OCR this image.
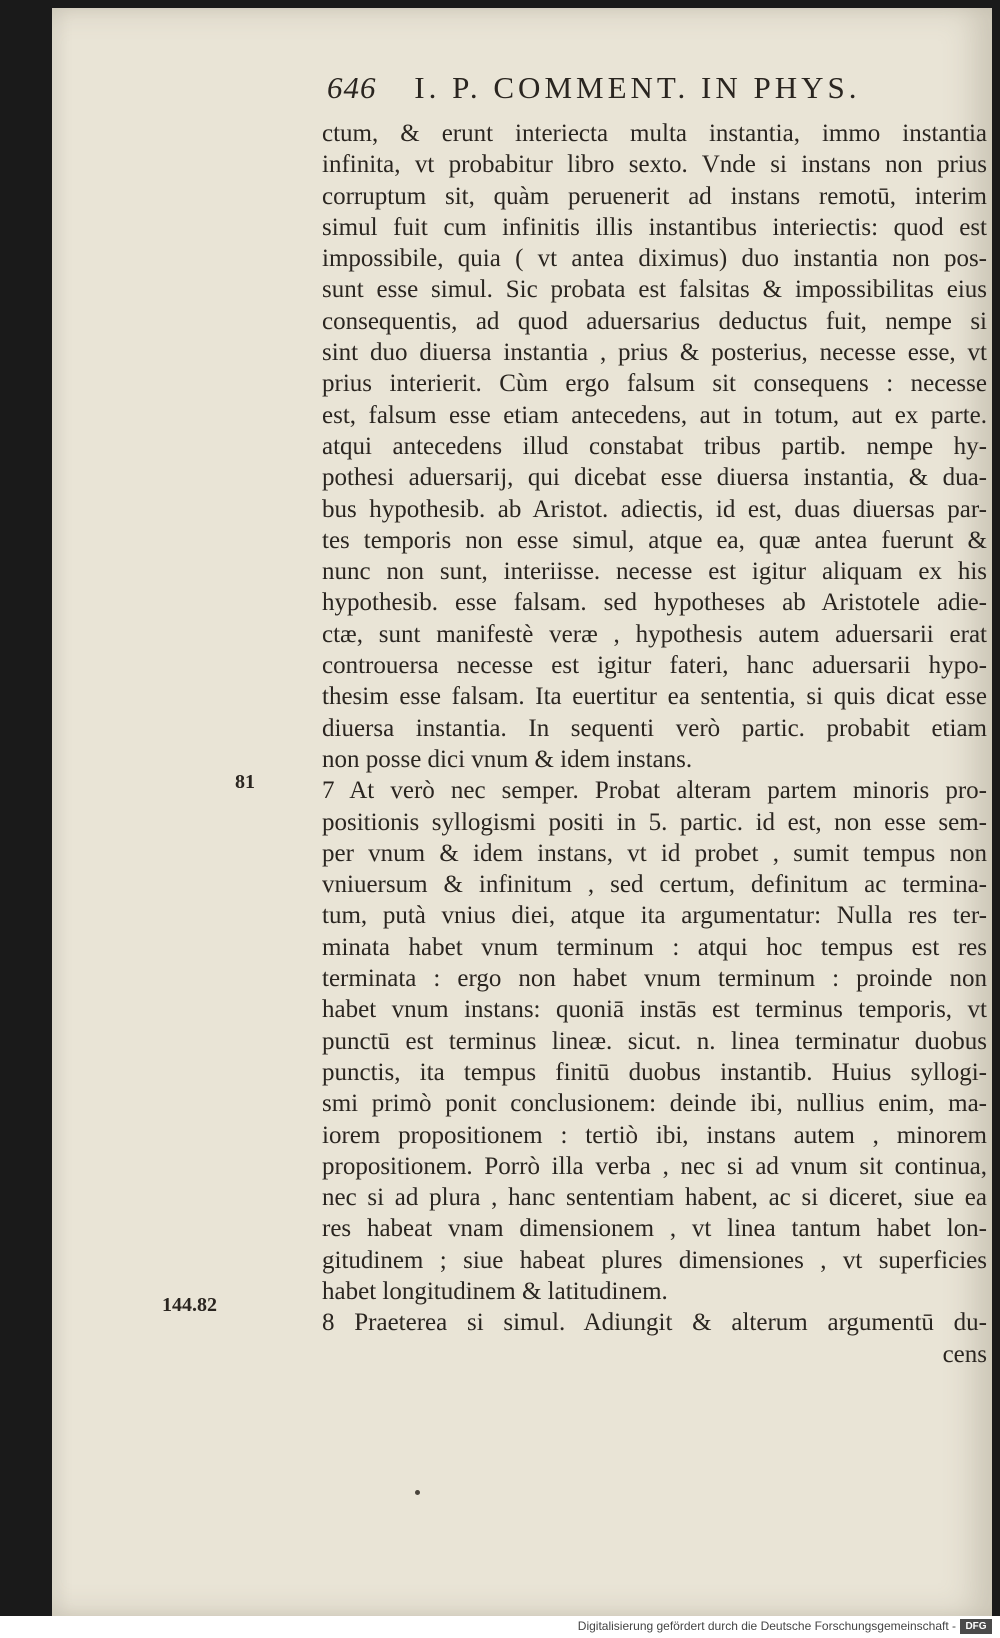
646 I. P. COMMENT. IN PHYS.
ctum, & erunt interiecta multa instantia, immo instantia
infinita, vt probabitur libro sexto. Vnde si instans non prius
corruptum sit, quàm peruenerit ad instans remotū, interim
simul fuit cum infinitis illis instantibus interiectis: quod est
impossibile, quia ( vt antea diximus) duo instantia non pos-
sunt esse simul. Sic probata est falsitas & impossibilitas eius
consequentis, ad quod aduersarius deductus fuit, nempe si
sint duo diuersa instantia , prius & posterius, necesse esse, vt
prius interierit. Cùm ergo falsum sit consequens : necesse
est, falsum esse etiam antecedens, aut in totum, aut ex parte.
atqui antecedens illud constabat tribus partib. nempe hy-
pothesi aduersarij, qui dicebat esse diuersa instantia, & dua-
bus hypothesib. ab Aristot. adiectis, id est, duas diuersas par-
tes temporis non esse simul, atque ea, quæ antea fuerunt &
nunc non sunt, interiisse. necesse est igitur aliquam ex his
hypothesib. esse falsam. sed hypotheses ab Aristotele adie-
ctæ, sunt manifestè veræ , hypothesis autem aduersarii erat
controuersa necesse est igitur fateri, hanc aduersarii hypo-
thesim esse falsam. Ita euertitur ea sententia, si quis dicat esse
diuersa instantia. In sequenti verò partic. probabit etiam
non posse dici vnum & idem instans.
7 At verò nec semper. Probat alteram partem minoris pro-
positionis syllogismi positi in 5. partic. id est, non esse sem-
per vnum & idem instans, vt id probet , sumit tempus non
vniuersum & infinitum , sed certum, definitum ac termina-
tum, putà vnius diei, atque ita argumentatur: Nulla res ter-
minata habet vnum terminum : atqui hoc tempus est res
terminata : ergo non habet vnum terminum : proinde non
habet vnum instans: quoniā instās est terminus temporis, vt
punctū est terminus lineæ. sicut. n. linea terminatur duobus
punctis, ita tempus finitū duobus instantib. Huius syllogi-
smi primò ponit conclusionem: deinde ibi, nullius enim, ma-
iorem propositionem : tertiò ibi, instans autem , minorem
propositionem. Porrò illa verba , nec si ad vnum sit continua,
nec si ad plura , hanc sententiam habent, ac si diceret, siue ea
res habeat vnam dimensionem , vt linea tantum habet lon-
gitudinem ; siue habeat plures dimensiones , vt superficies
habet longitudinem & latitudinem.
8 Praeterea si simul. Adiungit & alterum argumentū du-
cens
81
144.82
Digitalisierung gefördert durch die Deutsche Forschungsgemeinschaft - DFG
